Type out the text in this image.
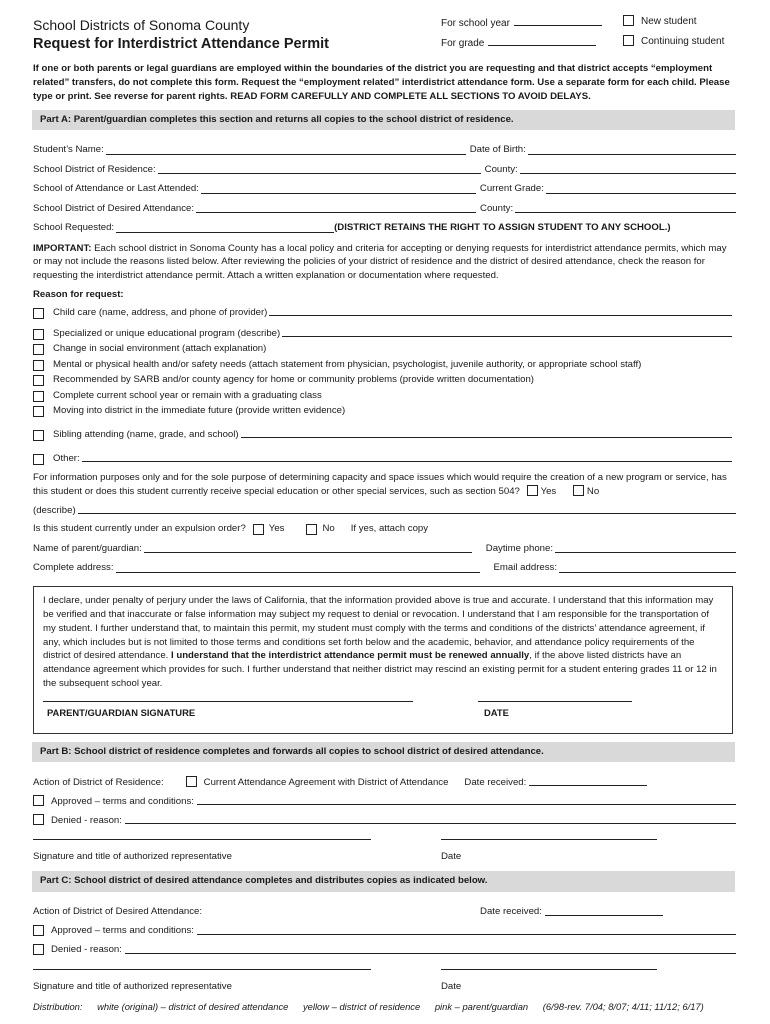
School Districts of Sonoma County
Request for Interdistrict Attendance Permit
For school year
For grade
New student
Continuing student
If one or both parents or legal guardians are employed within the boundaries of the district you are requesting and that district accepts “employment related” transfers, do not complete this form. Request the “employment related” interdistrict attendance form. Use a separate form for each child. Please type or print. See reverse for parent rights. READ FORM CAREFULLY AND COMPLETE ALL SECTIONS TO AVOID DELAYS.
Part A: Parent/guardian completes this section and returns all copies to the school district of residence.
Student’s Name:	Date of Birth:
School District of Residence:	County:
School of Attendance or Last Attended:	Current Grade:
School District of Desired Attendance:	County:
School Requested:	(DISTRICT RETAINS THE RIGHT TO ASSIGN STUDENT TO ANY SCHOOL.)
IMPORTANT: Each school district in Sonoma County has a local policy and criteria for accepting or denying requests for interdistrict attendance permits, which may or may not include the reasons listed below. After reviewing the policies of your district of residence and the district of desired attendance, check the reason for requesting the interdistrict attendance permit. Attach a written explanation or documentation where requested.
Reason for request:
Child care (name, address, and phone of provider)
Specialized or unique educational program (describe)
Change in social environment (attach explanation)
Mental or physical health and/or safety needs (attach statement from physician, psychologist, juvenile authority, or appropriate school staff)
Recommended by SARB and/or county agency for home or community problems (provide written documentation)
Complete current school year or remain with a graduating class
Moving into district in the immediate future (provide written evidence)
Sibling attending (name, grade, and school)
Other:
For information purposes only and for the sole purpose of determining capacity and space issues which would require the creation of a new program or service, has this student or does this student currently receive special education or other special services, such as section 504? Yes	No
(describe)
Is this student currently under an expulsion order? Yes	No If yes, attach copy
Name of parent/guardian:	Daytime phone:
Complete address:	Email address:
I declare, under penalty of perjury under the laws of California, that the information provided above is true and accurate. I understand that this information may be verified and that inaccurate or false information may subject my request to denial or revocation. I understand that I am responsible for the transportation of my student. I further understand that, to maintain this permit, my student must comply with the terms and conditions of the districts’ attendance agreement, if any, which includes but is not limited to those terms and conditions set forth below and the academic, behavior, and attendance policy requirements of the district of desired attendance. I understand that the interdistrict attendance permit must be renewed annually, if the above listed districts have an attendance agreement which provides for such. I further understand that neither district may rescind an existing permit for a student entering grades 11 or 12 in the subsequent school year.
PARENT/GUARDIAN SIGNATURE	DATE
Part B: School district of residence completes and forwards all copies to school district of desired attendance.
Action of District of Residence:	Current Attendance Agreement with District of Attendance Date received:
Approved – terms and conditions:
Denied - reason:
Signature and title of authorized representative	Date
Part C: School district of desired attendance completes and distributes copies as indicated below.
Action of District of Desired Attendance:	Date received:
Approved – terms and conditions:
Denied - reason:
Signature and title of authorized representative	Date
Distribution: white (original) – district of desired attendance yellow – district of residence pink – parent/guardian (6/98-rev. 7/04; 8/07; 4/11; 11/12; 6/17)
